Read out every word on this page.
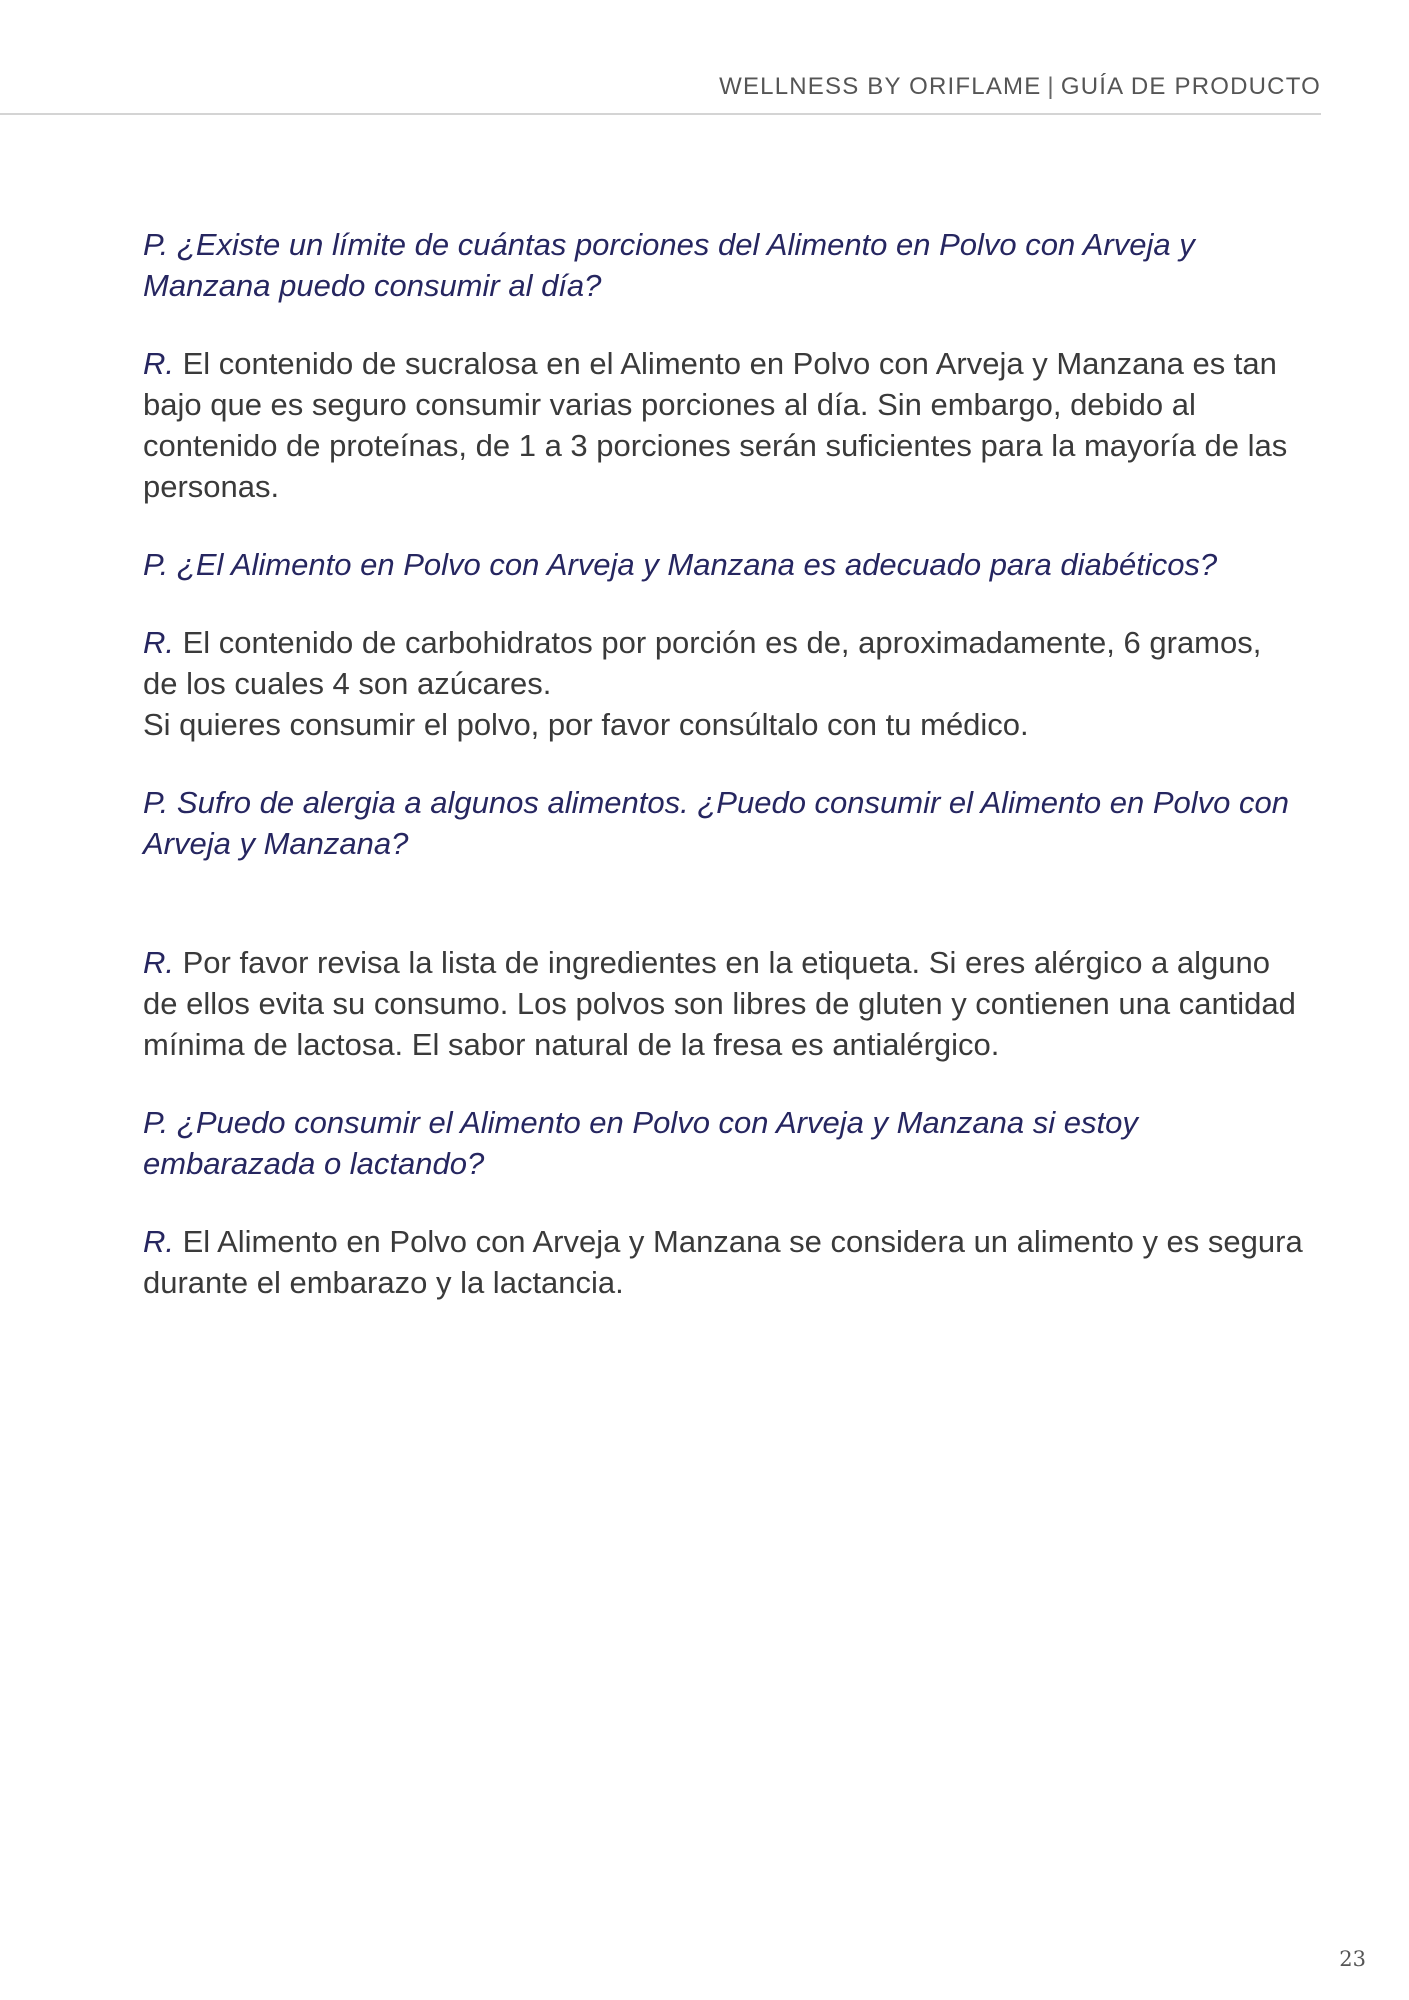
WELLNESS BY ORIFLAME | GUÍA DE PRODUCTO

P. ¿Existe un límite de cuántas porciones del Alimento en Polvo con Arveja y Manzana puedo consumir al día?

R. El contenido de sucralosa en el Alimento en Polvo con Arveja y Manzana es tan bajo que es seguro consumir varias porciones al día. Sin embargo, debido al contenido de proteínas, de 1 a 3 porciones serán suficientes para la mayoría de las personas.

P. ¿El Alimento en Polvo con Arveja y Manzana es adecuado para diabéticos?

R. El contenido de carbohidratos por porción es de, aproximadamente, 6 gramos, de los cuales 4 son azúcares.
Si quieres consumir el polvo, por favor consúltalo con tu médico.

P. Sufro de alergia a algunos alimentos. ¿Puedo consumir el Alimento en Polvo con Arveja y Manzana?

R. Por favor revisa la lista de ingredientes en la etiqueta. Si eres alérgico a alguno de ellos evita su consumo. Los polvos son libres de gluten y contienen una cantidad mínima de lactosa. El sabor natural de la fresa es antialérgico.

P. ¿Puedo consumir el Alimento en Polvo con Arveja y Manzana si estoy embarazada o lactando?

R. El Alimento en Polvo con Arveja y Manzana se considera un alimento y es segura durante el embarazo y la lactancia.

23
